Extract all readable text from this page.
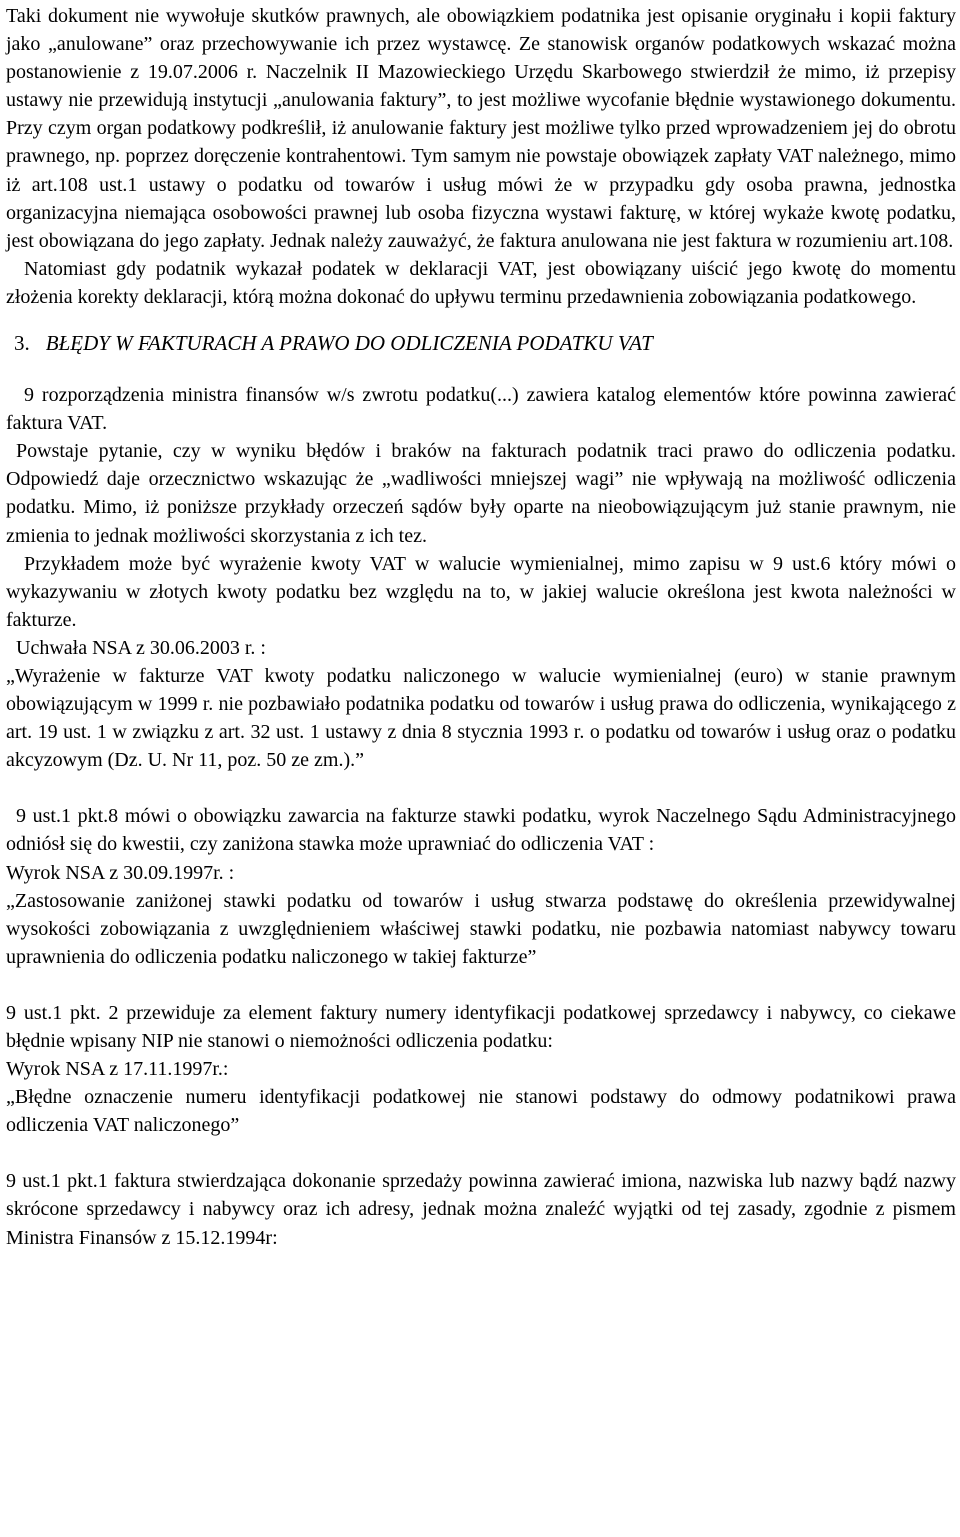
Taki dokument nie wywołuje skutków prawnych, ale obowiązkiem podatnika jest opisanie oryginału i kopii faktury jako „anulowane” oraz przechowywanie ich przez wystawcę. Ze stanowisk organów podatkowych wskazać można postanowienie z 19.07.2006 r. Naczelnik II Mazowieckiego Urzędu Skarbowego stwierdził że mimo, iż przepisy ustawy nie przewidują instytucji „anulowania faktury”, to jest możliwe wycofanie błędnie wystawionego dokumentu. Przy czym organ podatkowy podkreślił, iż anulowanie faktury jest możliwe tylko przed wprowadzeniem jej do obrotu prawnego, np. poprzez doręczenie kontrahentowi. Tym samym nie powstaje obowiązek zapłaty VAT należnego, mimo iż art.108 ust.1 ustawy o podatku od towarów i usług mówi że w przypadku gdy osoba prawna, jednostka organizacyjna niemająca osobowości prawnej lub osoba fizyczna wystawi fakturę, w której wykaże kwotę podatku, jest obowiązana do jego zapłaty. Jednak należy zauważyć, że faktura anulowana nie jest faktura w rozumieniu art.108.

Natomiast gdy podatnik wykazał podatek w deklaracji VAT, jest obowiązany uiścić jego kwotę do momentu złożenia korekty deklaracji, którą można dokonać do upływu terminu przedawnienia zobowiązania podatkowego.

3. BŁĘDY W FAKTURACH A PRAWO DO ODLICZENIA PODATKU VAT

9 rozporządzenia ministra finansów w/s zwrotu podatku(...) zawiera katalog elementów które powinna zawierać faktura VAT.

Powstaje pytanie, czy w wyniku błędów i braków na fakturach podatnik traci prawo do odliczenia podatku. Odpowiedź daje orzecznictwo wskazując że „wadliwości mniejszej wagi” nie wpływają na możliwość odliczenia podatku. Mimo, iż poniższe przykłady orzeczeń sądów były oparte na nieobowiązującym już stanie prawnym, nie zmienia to jednak możliwości skorzystania z ich tez.

Przykładem może być wyrażenie kwoty VAT w walucie wymienialnej, mimo zapisu w 9 ust.6 który mówi o wykazywaniu w złotych kwoty podatku bez względu na to, w jakiej walucie określona jest kwota należności w fakturze.

Uchwała NSA z 30.06.2003 r. :

„Wyrażenie w fakturze VAT kwoty podatku naliczonego w walucie wymienialnej (euro) w stanie prawnym obowiązującym w 1999 r. nie pozbawiało podatnika podatku od towarów i usług prawa do odliczenia, wynikającego z art. 19 ust. 1 w związku z art. 32 ust. 1 ustawy z dnia 8 stycznia 1993 r. o podatku od towarów i usług oraz o podatku akcyzowym (Dz. U. Nr 11, poz. 50 ze zm.).”

9 ust.1 pkt.8 mówi o obowiązku zawarcia na fakturze stawki podatku, wyrok Naczelnego Sądu Administracyjnego odniósł się do kwestii, czy zaniżona stawka może uprawniać do odliczenia VAT :

Wyrok NSA z 30.09.1997r. :

„Zastosowanie zaniżonej stawki podatku od towarów i usług stwarza podstawę do określenia przewidywalnej wysokości zobowiązania z uwzględnieniem właściwej stawki podatku, nie pozbawia natomiast nabywcy towaru uprawnienia do odliczenia podatku naliczonego w takiej fakturze”

9 ust.1 pkt. 2 przewiduje za element faktury numery identyfikacji podatkowej sprzedawcy i nabywcy, co ciekawe błędnie wpisany NIP nie stanowi o niemożności odliczenia podatku:

Wyrok NSA z 17.11.1997r.:

„Błędne oznaczenie numeru identyfikacji podatkowej nie stanowi podstawy do odmowy podatnikowi prawa odliczenia VAT naliczonego”

9 ust.1 pkt.1 faktura stwierdzająca dokonanie sprzedaży powinna zawierać imiona, nazwiska lub nazwy bądź nazwy skrócone sprzedawcy i nabywcy oraz ich adresy, jednak można znaleźć wyjątki od tej zasady, zgodnie z pismem Ministra Finansów z 15.12.1994r:
